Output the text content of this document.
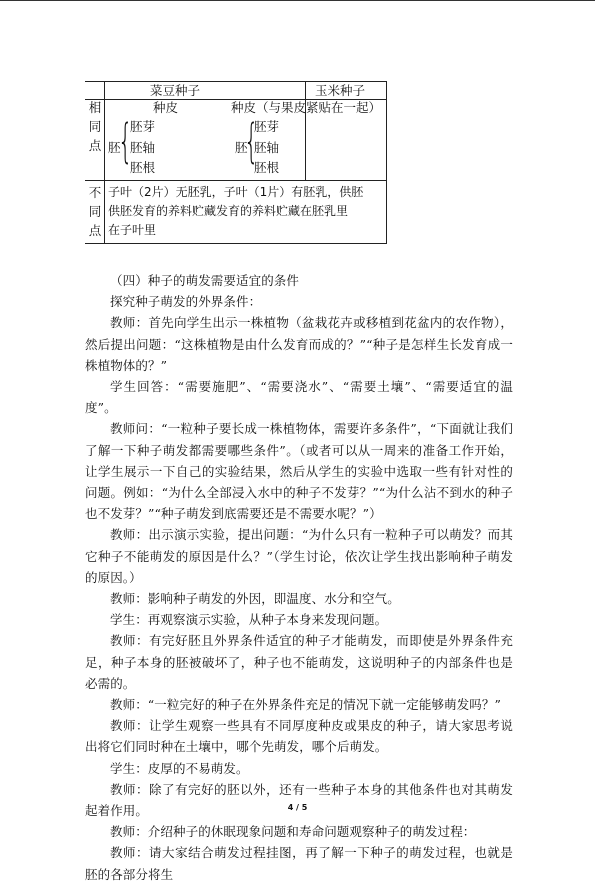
菜豆种子	玉米种子
相
同
点
种皮	种皮（与果皮紧贴在一起）
胚
{
胚芽
胚轴
胚根
胚
{
胚芽
胚轴
胚根
不
同
点
子叶（2片）无胚乳，子叶（1片）有胚乳，供胚
供胚发育的养料贮藏发育的养料贮藏在胚乳里
在子叶里

（四）种子的萌发需要适宜的条件

探究种子萌发的外界条件：

教师：首先向学生出示一株植物（盆栽花卉或移植到花盆内的农作物），然后提出问题：“这株植物是由什么发育而成的？”“种子是怎样生长发育成一株植物体的？”

学生回答：“需要施肥”、“需要浇水”、“需要土壤”、“需要适宜的温度”。

教师问：“一粒种子要长成一株植物体，需要许多条件”，“下面就让我们了解一下种子萌发都需要哪些条件”。（或者可以从一周来的准备工作开始，让学生展示一下自己的实验结果，然后从学生的实验中选取一些有针对性的问题。例如：“为什么全部浸入水中的种子不发芽？”“为什么沾不到水的种子也不发芽？”“种子萌发到底需要还是不需要水呢？”）

教师：出示演示实验，提出问题：“为什么只有一粒种子可以萌发？而其它种子不能萌发的原因是什么？”（学生讨论，依次让学生找出影响种子萌发的原因。）

教师：影响种子萌发的外因，即温度、水分和空气。

学生：再观察演示实验，从种子本身来发现问题。

教师：有完好胚且外界条件适宜的种子才能萌发，而即使是外界条件充足，种子本身的胚被破坏了，种子也不能萌发，这说明种子的内部条件也是必需的。

教师：“一粒完好的种子在外界条件充足的情况下就一定能够萌发吗？”

教师：让学生观察一些具有不同厚度种皮或果皮的种子，请大家思考说出将它们同时种在土壤中，哪个先萌发，哪个后萌发。

学生：皮厚的不易萌发。

教师：除了有完好的胚以外，还有一些种子本身的其他条件也对其萌发起着作用。

教师：介绍种子的休眠现象问题和寿命问题观察种子的萌发过程：

教师：请大家结合萌发过程挂图，再了解一下种子的萌发过程，也就是胚的各部分将生

4 / 5
